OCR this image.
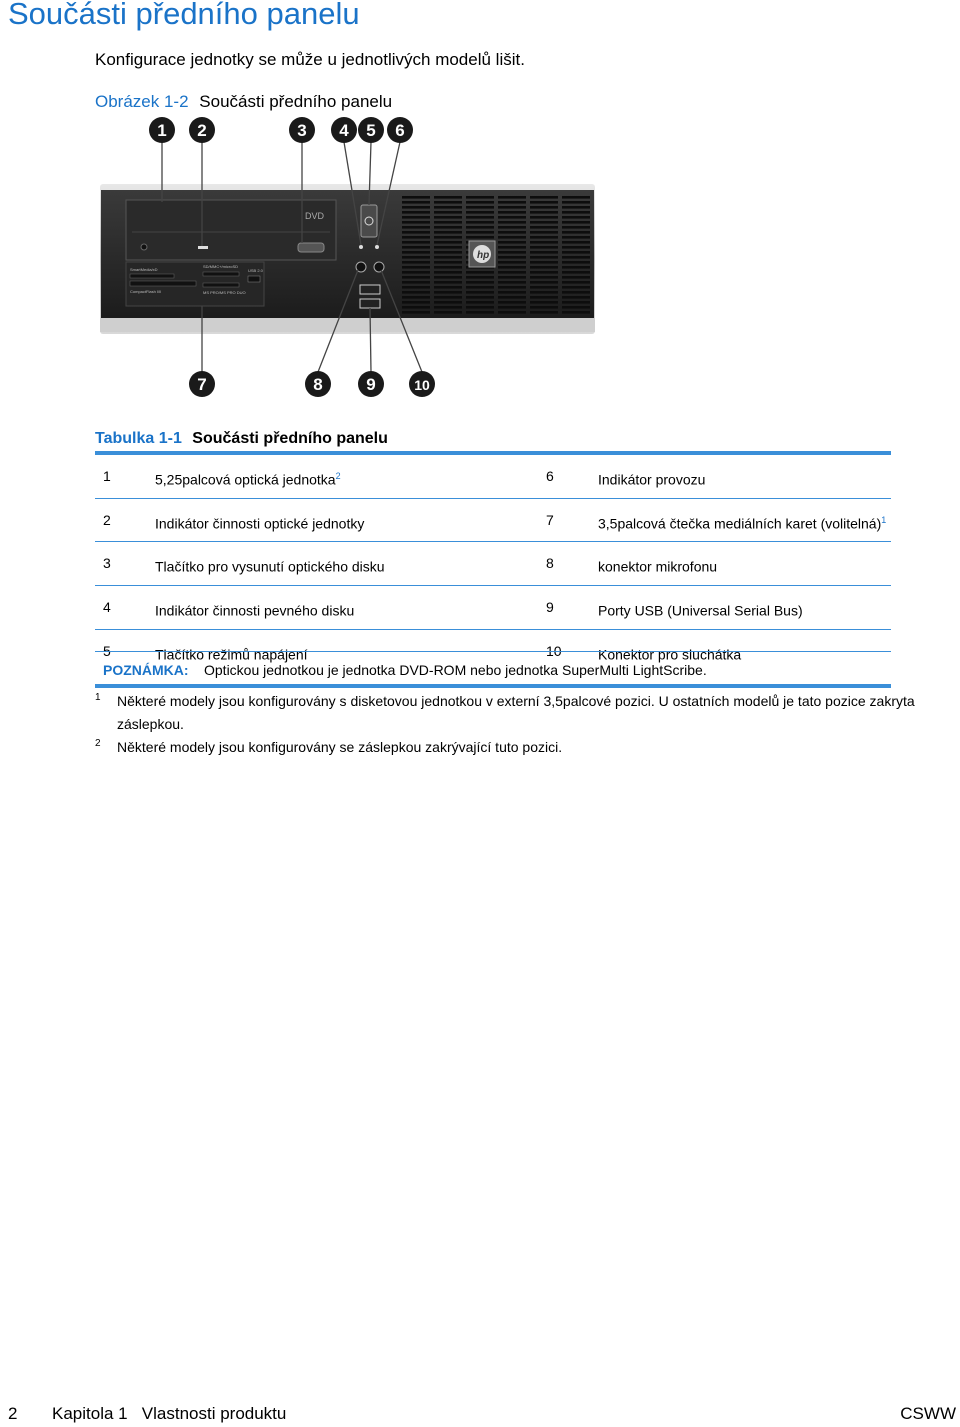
Součásti předního panelu
Konfigurace jednotky se může u jednotlivých modelů lišit.
Obrázek 1-2 Součásti předního panelu
DVD
SmartMedia/xD
CompactFlash I/II
SD/MMC+/microSD
USB 2.0
MS PRO/MS PRO DUO
hp
1 2	3 4 5 6
7	8	9	10
Tabulka 1-1 Součásti předního panelu
1	5,25palcová optická jednotka$^2$	6	Indikátor provozu
2	Indikátor činnosti optické jednotky	7	3,5palcová čtečka mediálních karet (volitelná)$^1$
3	Tlačítko pro vysunutí optického disku	8	konektor mikrofonu
4	Indikátor činnosti pevného disku	9	Porty USB (Universal Serial Bus)
5	Tlačítko režimů napájení	10	Konektor pro sluchátka
POZNÁMKA: Optickou jednotkou je jednotka DVD-ROM nebo jednotka SuperMulti LightScribe.
1 Některé modely jsou konfigurovány s disketovou jednotkou v externí 3,5palcové pozici. U ostatních modelů je tato pozice zakryta záslepkou.
2 Některé modely jsou konfigurovány se záslepkou zakrývající tuto pozici.
2 Kapitola 1   Vlastnosti produktu	CSWW
